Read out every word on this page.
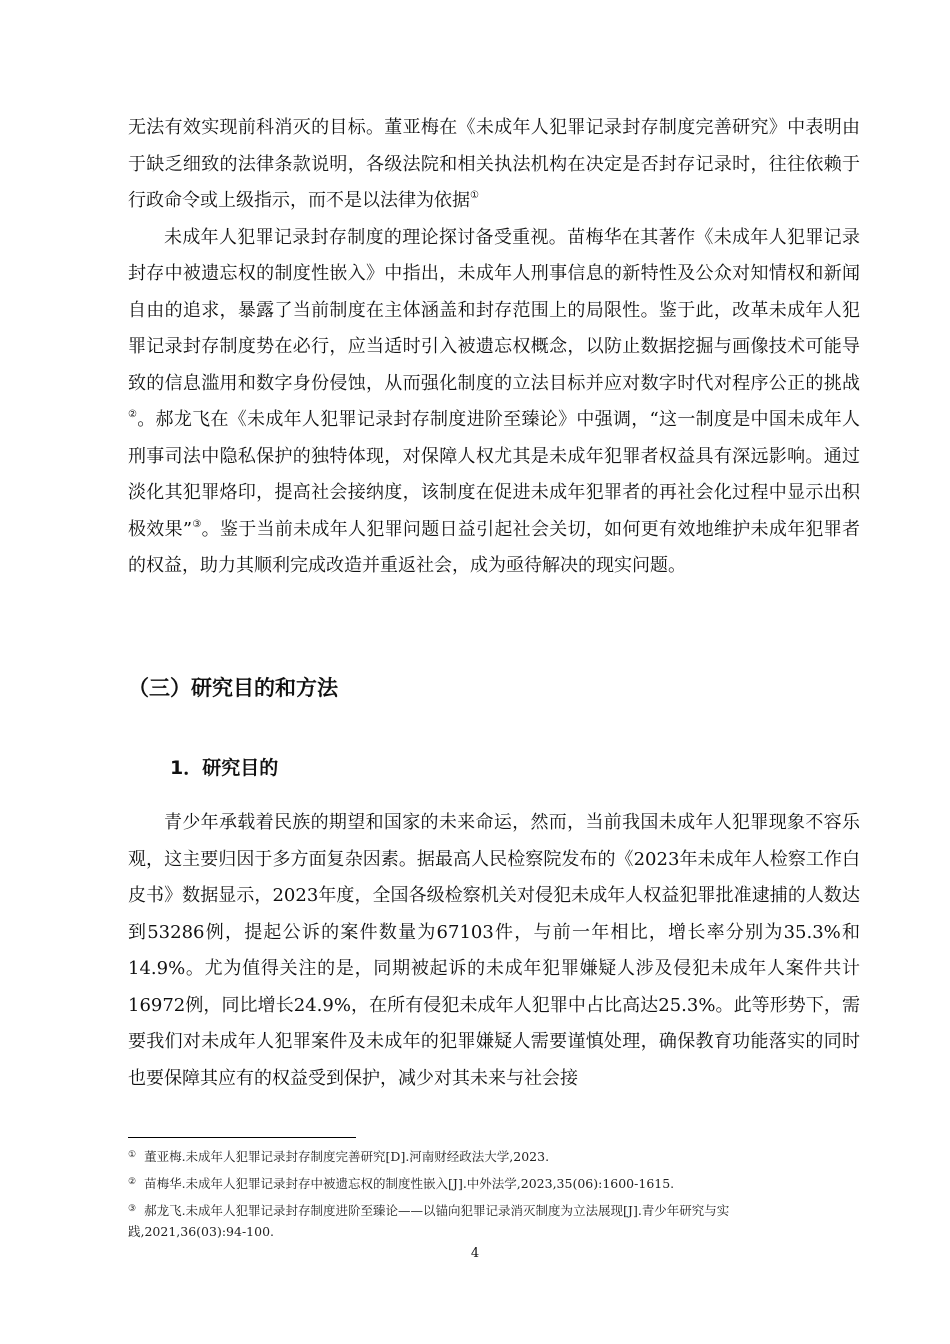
无法有效实现前科消灭的目标。董亚梅在《未成年人犯罪记录封存制度完善研究》中表明由于缺乏细致的法律条款说明，各级法院和相关执法机构在决定是否封存记录时，往往依赖于行政命令或上级指示，而不是以法律为依据①

未成年人犯罪记录封存制度的理论探讨备受重视。苗梅华在其著作《未成年人犯罪记录封存中被遗忘权的制度性嵌入》中指出，未成年人刑事信息的新特性及公众对知情权和新闻自由的追求，暴露了当前制度在主体涵盖和封存范围上的局限性。鉴于此，改革未成年人犯罪记录封存制度势在必行，应当适时引入被遗忘权概念，以防止数据挖掘与画像技术可能导致的信息滥用和数字身份侵蚀，从而强化制度的立法目标并应对数字时代对程序公正的挑战②。郝龙飞在《未成年人犯罪记录封存制度进阶至臻论》中强调，“这一制度是中国未成年人刑事司法中隐私保护的独特体现，对保障人权尤其是未成年犯罪者权益具有深远影响。通过淡化其犯罪烙印，提高社会接纳度，该制度在促进未成年犯罪者的再社会化过程中显示出积极效果”③。鉴于当前未成年人犯罪问题日益引起社会关切，如何更有效地维护未成年犯罪者的权益，助力其顺利完成改造并重返社会，成为亟待解决的现实问题。

（三）研究目的和方法
1．研究目的

青少年承载着民族的期望和国家的未来命运，然而，当前我国未成年人犯罪现象不容乐观，这主要归因于多方面复杂因素。据最高人民检察院发布的《2023年未成年人检察工作白皮书》数据显示，2023年度，全国各级检察机关对侵犯未成年人权益犯罪批准逮捕的人数达到53286例，提起公诉的案件数量为67103件，与前一年相比，增长率分别为35.3%和14.9%。尤为值得关注的是，同期被起诉的未成年犯罪嫌疑人涉及侵犯未成年人案件共计16972例，同比增长24.9%，在所有侵犯未成年人犯罪中占比高达25.3%。此等形势下，需要我们对未成年人犯罪案件及未成年的犯罪嫌疑人需要谨慎处理，确保教育功能落实的同时也要保障其应有的权益受到保护，减少对其未来与社会接

① 董亚梅.未成年人犯罪记录封存制度完善研究[D].河南财经政法大学,2023.

② 苗梅华.未成年人犯罪记录封存中被遗忘权的制度性嵌入[J].中外法学,2023,35(06):1600-1615.

③ 郝龙飞.未成年人犯罪记录封存制度进阶至臻论——以锚向犯罪记录消灭制度为立法展现[J].青少年研究与实践,2021,36(03):94-100.

4
